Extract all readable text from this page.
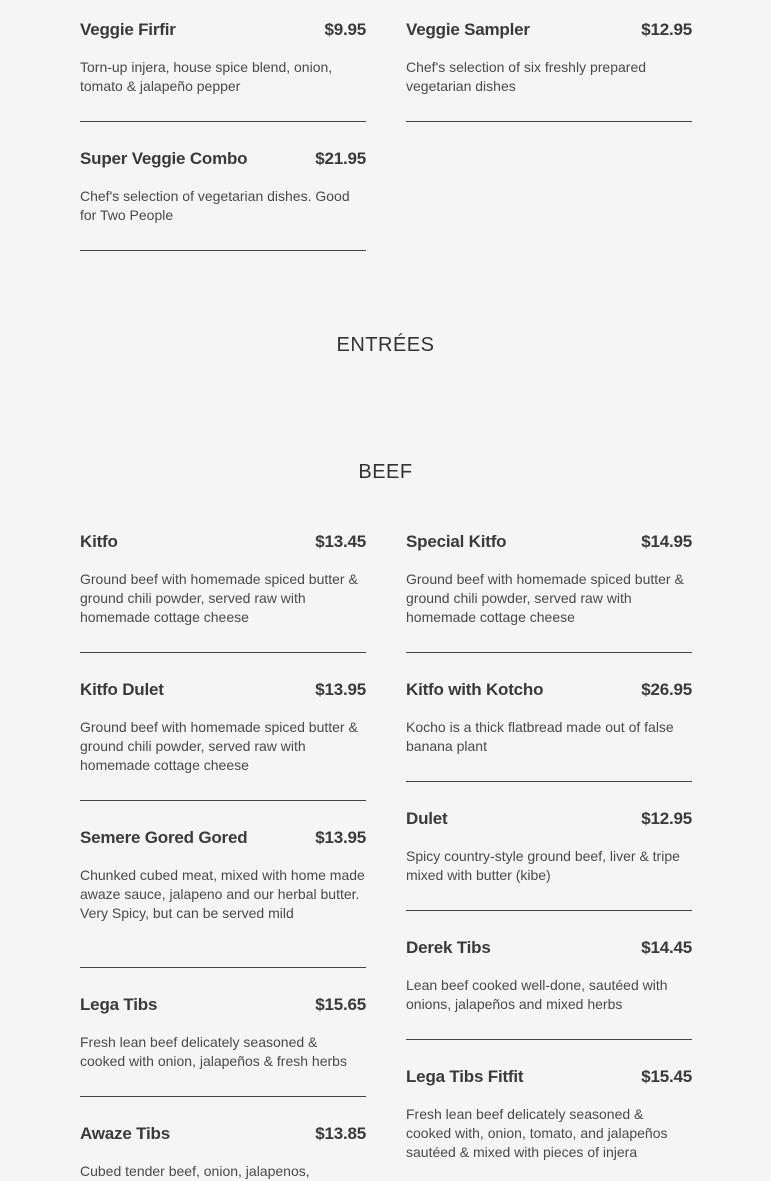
Veggie Firfir	$9.95
Torn-up injera, house spice blend, onion, tomato & jalapeño pepper
Veggie Sampler	$12.95
Chef's selection of six freshly prepared vegetarian dishes
Super Veggie Combo	$21.95
Chef's selection of vegetarian dishes. Good for Two People
ENTRÉES
BEEF
Kitfo	$13.45
Ground beef with homemade spiced butter & ground chili powder, served raw with homemade cottage cheese
Kitfo Dulet	$13.95
Ground beef with homemade spiced butter & ground chili powder, served raw with homemade cottage cheese
Semere Gored Gored	$13.95
Chunked cubed meat, mixed with home made awaze sauce, jalapeno and our herbal butter. Very Spicy, but can be served mild
Lega Tibs	$15.65
Fresh lean beef delicately seasoned & cooked with onion, jalapeños & fresh herbs
Awaze Tibs	$13.85
Cubed tender beef, onion, jalapenos,
Special Kitfo	$14.95
Ground beef with homemade spiced butter & ground chili powder, served raw with homemade cottage cheese
Kitfo with Kotcho	$26.95
Kocho is a thick flatbread made out of false banana plant
Dulet	$12.95
Spicy country-style ground beef, liver & tripe mixed with butter (kibe)
Derek Tibs	$14.45
Lean beef cooked well-done, sautéed with onions, jalapeños and mixed herbs
Lega Tibs Fitfit	$15.45
Fresh lean beef delicately seasoned & cooked with, onion, tomato, and jalapeños sautéed & mixed with pieces of injera
